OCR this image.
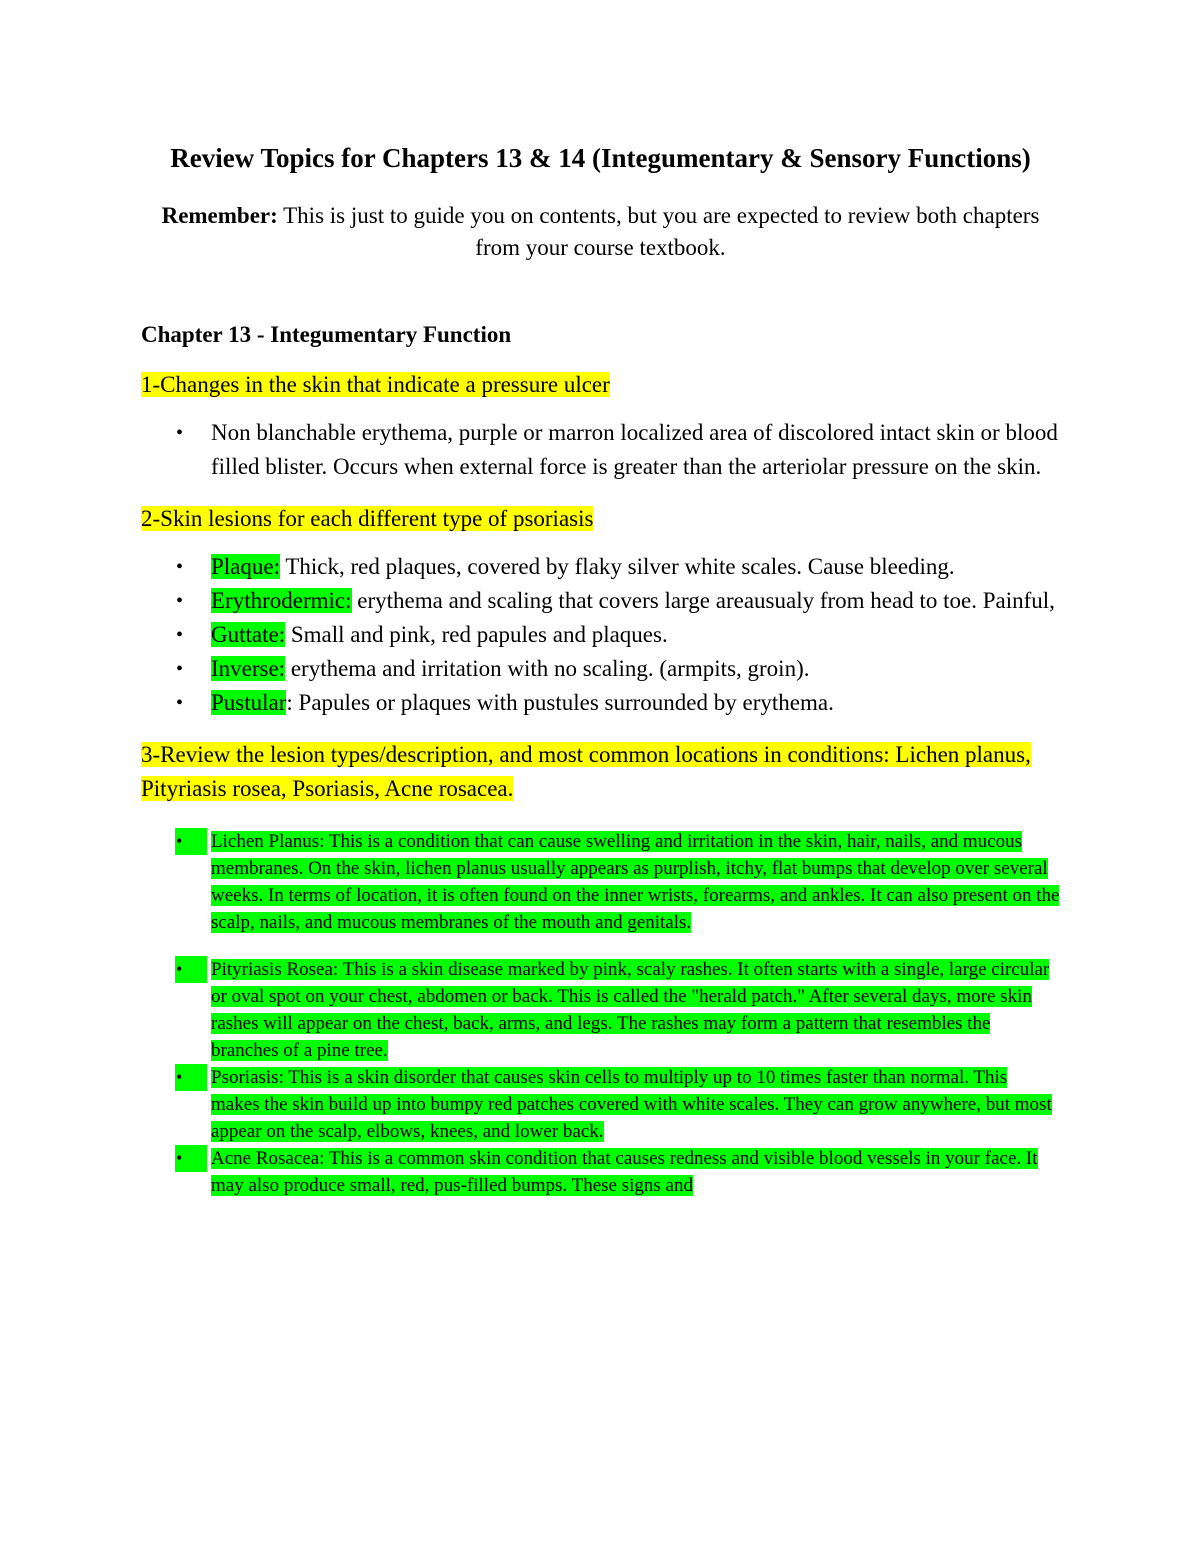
Review Topics for Chapters 13 & 14 (Integumentary & Sensory Functions)

Remember: This is just to guide you on contents, but you are expected to review both chapters from your course textbook.

Chapter 13 - Integumentary Function
1-Changes in the skin that indicate a pressure ulcer
• Non blanchable erythema, purple or marron localized area of discolored intact skin or blood filled blister. Occurs when external force is greater than the arteriolar pressure on the skin.
2-Skin lesions for each different type of psoriasis
• Plaque: Thick, red plaques, covered by flaky silver white scales. Cause bleeding.
• Erythrodermic: erythema and scaling that covers large areausualy from head to toe. Painful,
• Guttate: Small and pink, red papules and plaques.
• Inverse: erythema and irritation with no scaling. (armpits, groin).
• Pustular: Papules or plaques with pustules surrounded by erythema.
3-Review the lesion types/description, and most common locations in conditions: Lichen planus, Pityriasis rosea, Psoriasis, Acne rosacea.
•	Lichen Planus: This is a condition that can cause swelling and irritation in the skin, hair, nails, and mucous membranes. On the skin, lichen planus usually appears as purplish, itchy, flat bumps that develop over several weeks. In terms of location, it is often found on the inner wrists, forearms, and ankles. It can also present on the scalp, nails, and mucous membranes of the mouth and genitals.
•	Pityriasis Rosea: This is a skin disease marked by pink, scaly rashes. It often starts with a single, large circular or oval spot on your chest, abdomen or back. This is called the "herald patch." After several days, more skin rashes will appear on the chest, back, arms, and legs. The rashes may form a pattern that resembles the branches of a pine tree.
•	Psoriasis: This is a skin disorder that causes skin cells to multiply up to 10 times faster than normal. This makes the skin build up into bumpy red patches covered with white scales. They can grow anywhere, but most appear on the scalp, elbows, knees, and lower back.
•	Acne Rosacea: This is a common skin condition that causes redness and visible blood vessels in your face. It may also produce small, red, pus-filled bumps. These signs and
